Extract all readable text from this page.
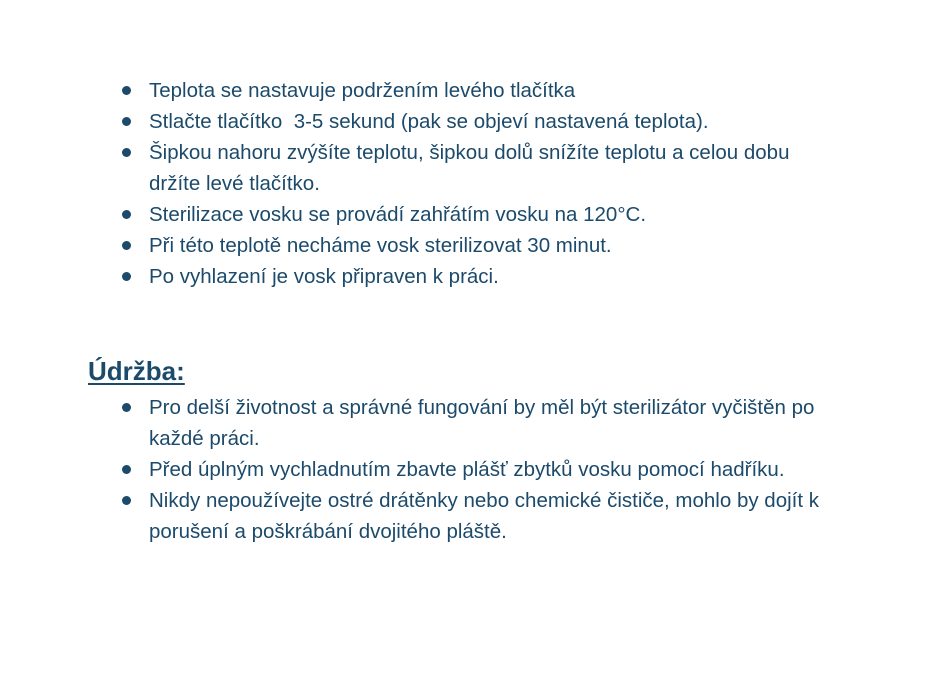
Teplota se nastavuje podržením levého tlačítka
Stlačte tlačítko  3-5 sekund (pak se objeví nastavená teplota).
Šipkou nahoru zvýšíte teplotu, šipkou dolů snížíte teplotu a celou dobu držíte levé tlačítko.
Sterilizace vosku se provádí zahřátím vosku na 120°C.
Při této teplotě necháme vosk sterilizovat 30 minut.
Po vyhlazení je vosk připraven k práci.
Údržba:
Pro delší životnost a správné fungování by měl být sterilizátor vyčištěn po každé práci.
Před úplným vychladnutím zbavte plášť zbytků vosku pomocí hadříku.
Nikdy nepoužívejte ostré drátěnky nebo chemické čističe, mohlo by dojít k porušení a poškrábání dvojitého pláště.
